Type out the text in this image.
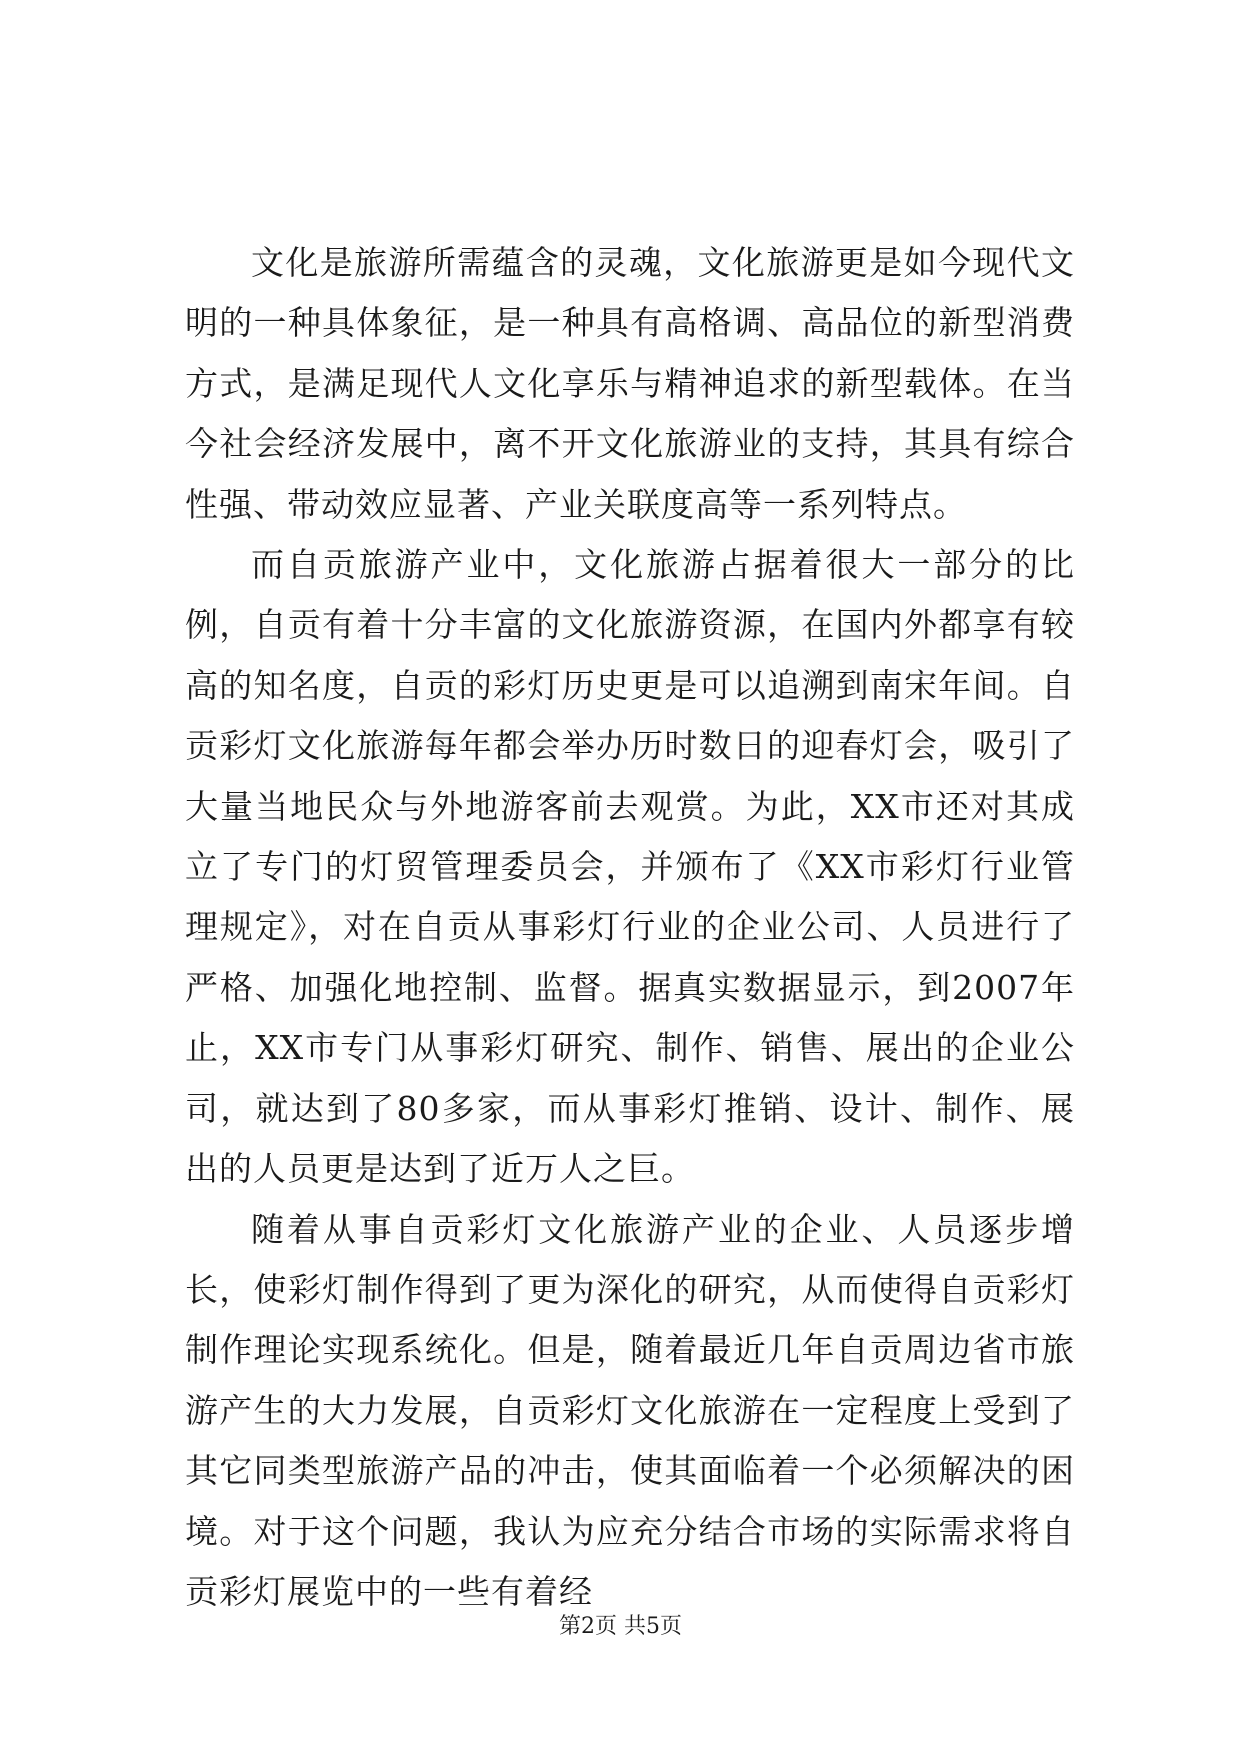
文化是旅游所需蕴含的灵魂，文化旅游更是如今现代文明的一种具体象征，是一种具有高格调、高品位的新型消费方式，是满足现代人文化享乐与精神追求的新型载体。在当今社会经济发展中，离不开文化旅游业的支持，其具有综合性强、带动效应显著、产业关联度高等一系列特点。

而自贡旅游产业中，文化旅游占据着很大一部分的比例，自贡有着十分丰富的文化旅游资源，在国内外都享有较高的知名度，自贡的彩灯历史更是可以追溯到南宋年间。自贡彩灯文化旅游每年都会举办历时数日的迎春灯会，吸引了大量当地民众与外地游客前去观赏。为此，XX市还对其成立了专门的灯贸管理委员会，并颁布了《XX市彩灯行业管理规定》，对在自贡从事彩灯行业的企业公司、人员进行了严格、加强化地控制、监督。据真实数据显示，到2007年止，XX市专门从事彩灯研究、制作、销售、展出的企业公司，就达到了80多家，而从事彩灯推销、设计、制作、展出的人员更是达到了近万人之巨。

随着从事自贡彩灯文化旅游产业的企业、人员逐步增长，使彩灯制作得到了更为深化的研究，从而使得自贡彩灯制作理论实现系统化。但是，随着最近几年自贡周边省市旅游产生的大力发展，自贡彩灯文化旅游在一定程度上受到了其它同类型旅游产品的冲击，使其面临着一个必须解决的困境。对于这个问题，我认为应充分结合市场的实际需求将自贡彩灯展览中的一些有着经

第2页 共5页
